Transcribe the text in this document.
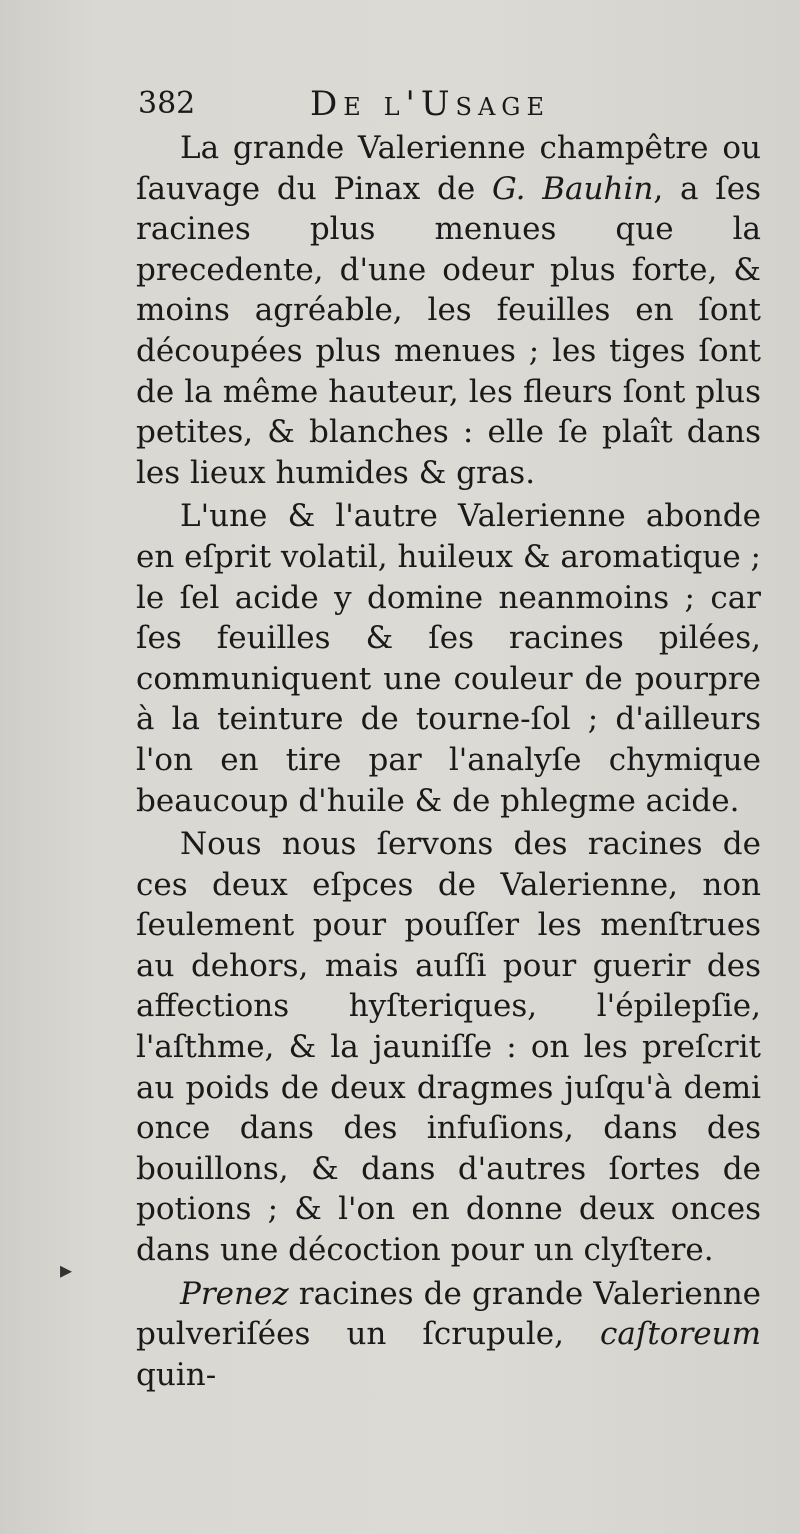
382	De l'Usage

La grande Valerienne champêtre ou ſauvage du Pinax de G. Bauhin, a ſes racines plus menues que la precedente, d'une odeur plus forte, & moins agréable, les feuilles en ſont découpées plus menues ; les tiges ſont de la même hauteur, les fleurs ſont plus petites, & blanches : elle ſe plaît dans les lieux humides & gras.

L'une & l'autre Valerienne abonde en eſprit volatil, huileux & aromatique ; le ſel acide y domine neanmoins ; car ſes feuilles & ſes racines pilées, communiquent une couleur de pourpre à la teinture de tourne-ſol ; d'ailleurs l'on en tire par l'analyſe chymique beaucoup d'huile & de phlegme acide.

Nous nous ſervons des racines de ces deux eſpces de Valerienne, non ſeulement pour pouſſer les menſtrues au dehors, mais auſſi pour guerir des affections hyſteriques, l'épilepſie, l'aſthme, & la jauniſſe : on les preſcrit au poids de deux dragmes juſqu'à demi once dans des infuſions, dans des bouillons, & dans d'autres ſortes de potions ; & l'on en donne deux onces dans une décoction pour un clyſtere.

Prenez racines de grande Valerienne pulveriſées un ſcrupule, caſtoreum quin-

▸
